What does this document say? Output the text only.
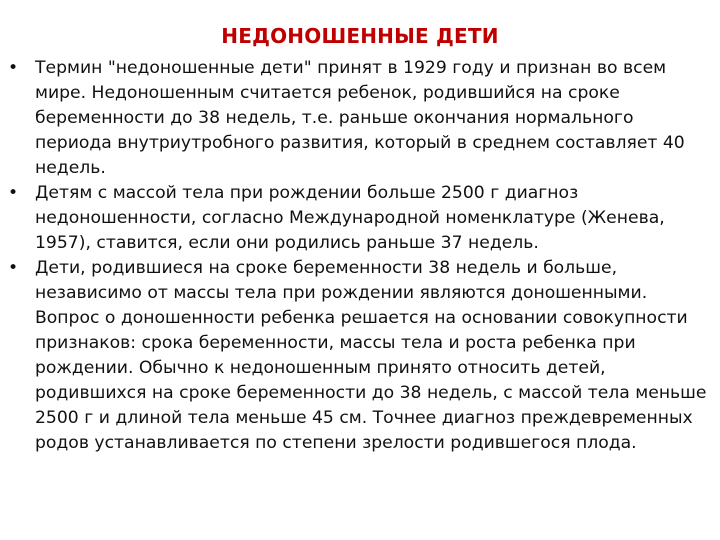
НЕДОНОШЕННЫЕ ДЕТИ
• Термин "недоношенные дети" принят в 1929 году и признан во всем мире. Недоношенным считается ребенок, родившийся на сроке беременности до 38 недель, т.е. раньше окончания нормального периода внутриутробного развития, который в среднем составляет 40 недель.
• Детям с массой тела при рождении больше 2500 г диагноз недоношенности, согласно Международной номенклатуре (Женева, 1957), ставится, если они родились раньше 37 недель.
• Дети, родившиеся на сроке беременности 38 недель и больше, независимо от массы тела при рождении являются доношенными. Вопрос о доношенности ребенка решается на основании совокупности признаков: срока беременности, массы тела и роста ребенка при рождении. Обычно к недоношенным принято относить детей, родившихся на сроке беременности до 38 недель, с массой тела меньше 2500 г и длиной тела меньше 45 см. Точнее диагноз преждевременных родов устанавливается по степени зрелости родившегося плода.
